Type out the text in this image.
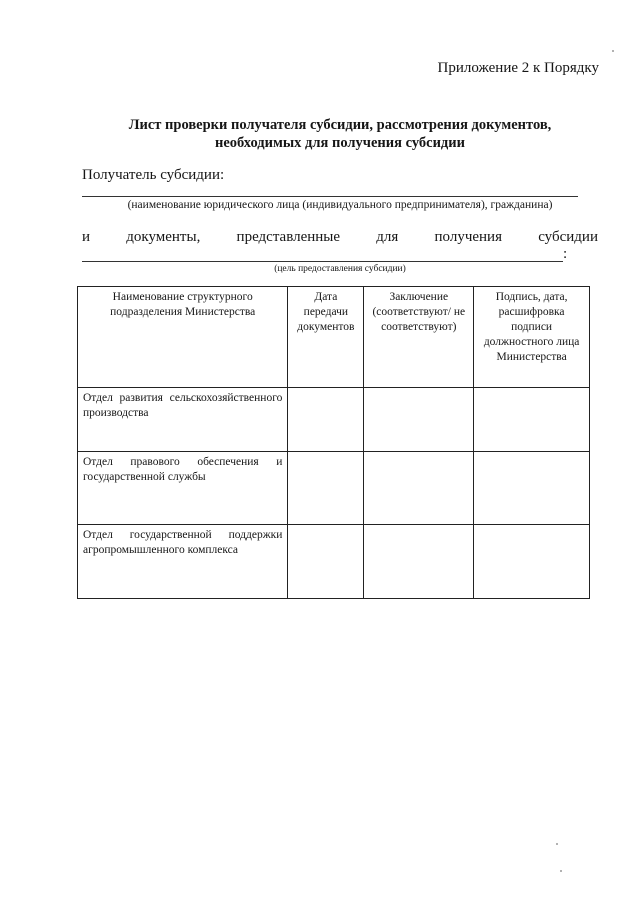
Приложение 2 к Порядку
Лист проверки получателя субсидии, рассмотрения документов,
необходимых для получения субсидии
Получатель субсидии:
(наименование юридического лица (индивидуального предпринимателя), гражданина)
и документы, представленные для получения субсидии
:
(цель предоставления субсидии)
Наименование структурного подразделения Министерства	Дата передачи документов	Заключение (соответствуют/ не соответствуют)	Подпись, дата, расшифровка подписи должностного лица Министерства
Отдел развития сельскохозяйственного производства			
Отдел правового обеспечения и государственной службы			
Отдел государственной поддержки агропромышленного комплекса			
